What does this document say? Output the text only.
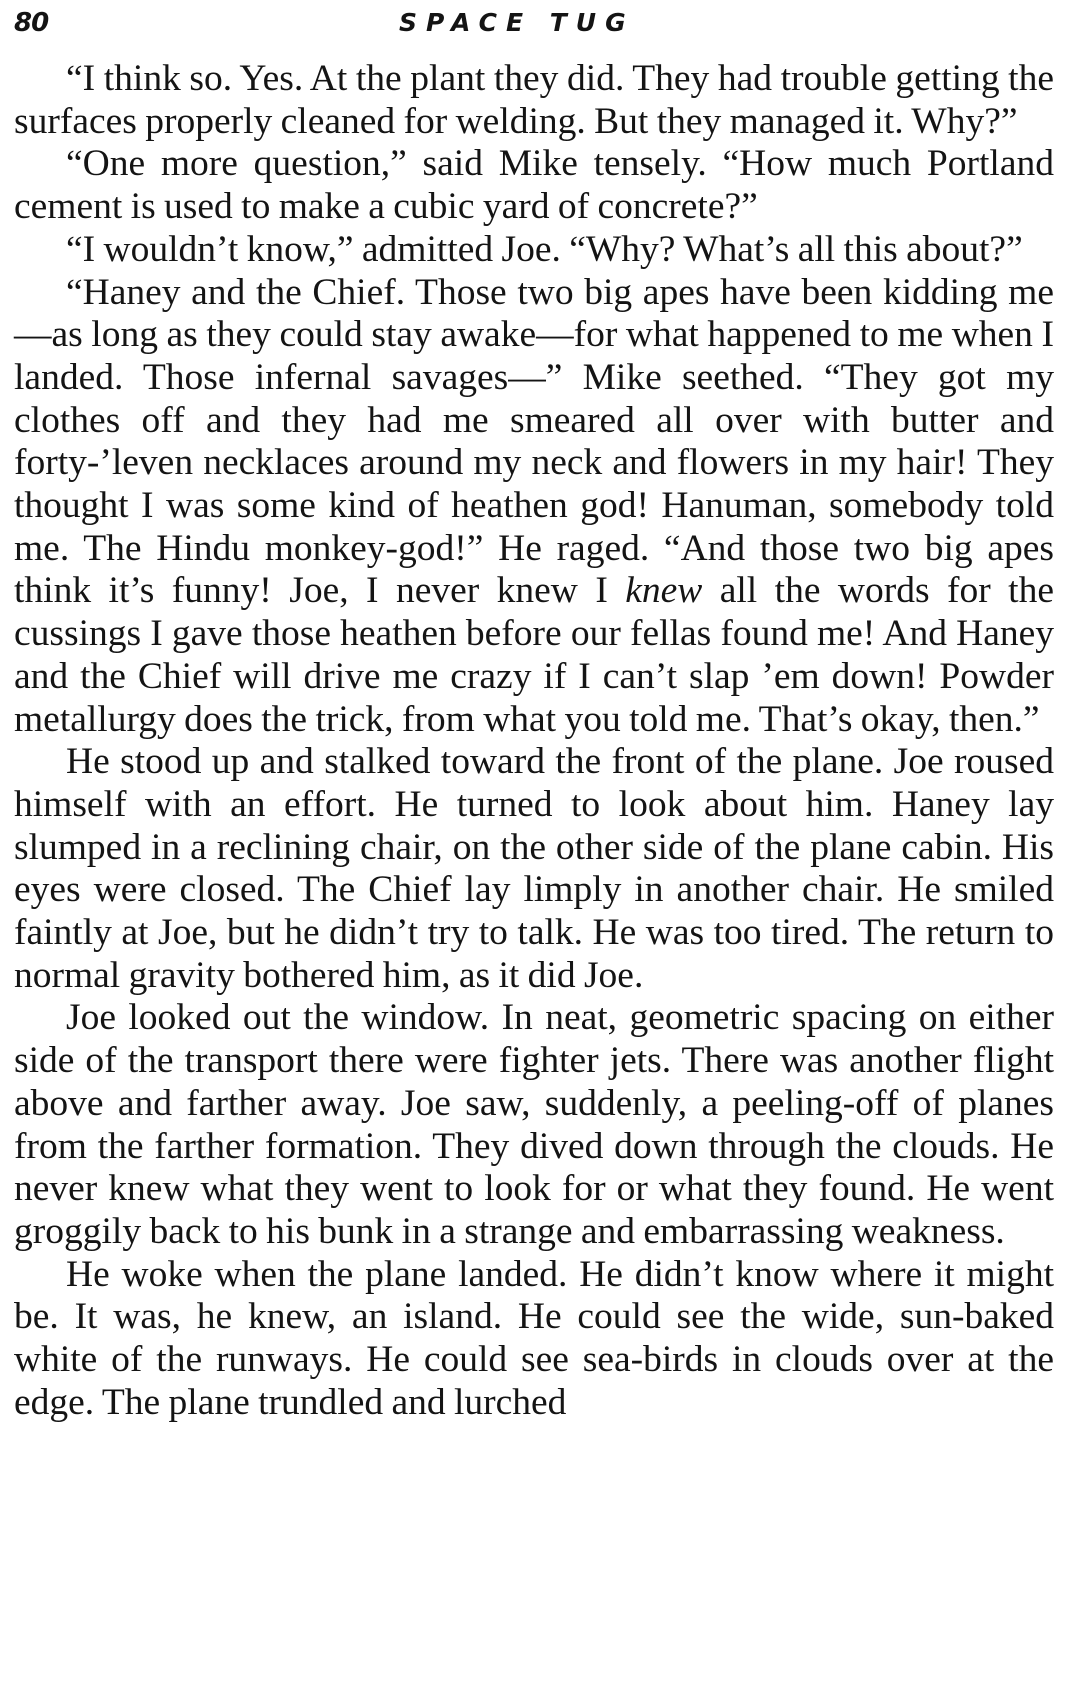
80	SPACE TUG

“I think so. Yes. At the plant they did. They had trouble getting the surfaces properly cleaned for welding. But they managed it. Why?”

“One more question,” said Mike tensely. “How much Portland cement is used to make a cubic yard of concrete?”

“I wouldn’t know,” admitted Joe. “Why? What’s all this about?”

“Haney and the Chief. Those two big apes have been kidding me—as long as they could stay awake—for what happened to me when I landed. Those infernal savages—” Mike seethed. “They got my clothes off and they had me smeared all over with butter and forty-’leven necklaces around my neck and flowers in my hair! They thought I was some kind of heathen god! Hanuman, somebody told me. The Hindu monkey-god!” He raged. “And those two big apes think it’s funny! Joe, I never knew I knew all the words for the cussings I gave those heathen before our fellas found me! And Haney and the Chief will drive me crazy if I can’t slap ’em down! Powder metallurgy does the trick, from what you told me. That’s okay, then.”

He stood up and stalked toward the front of the plane. Joe roused himself with an effort. He turned to look about him. Haney lay slumped in a reclining chair, on the other side of the plane cabin. His eyes were closed. The Chief lay limply in another chair. He smiled faintly at Joe, but he didn’t try to talk. He was too tired. The return to normal gravity bothered him, as it did Joe.

Joe looked out the window. In neat, geometric spacing on either side of the transport there were fighter jets. There was another flight above and farther away. Joe saw, suddenly, a peeling-off of planes from the farther formation. They dived down through the clouds. He never knew what they went to look for or what they found. He went groggily back to his bunk in a strange and embarrassing weakness.

He woke when the plane landed. He didn’t know where it might be. It was, he knew, an island. He could see the wide, sun-baked white of the runways. He could see sea-birds in clouds over at the edge. The plane trundled and lurched
